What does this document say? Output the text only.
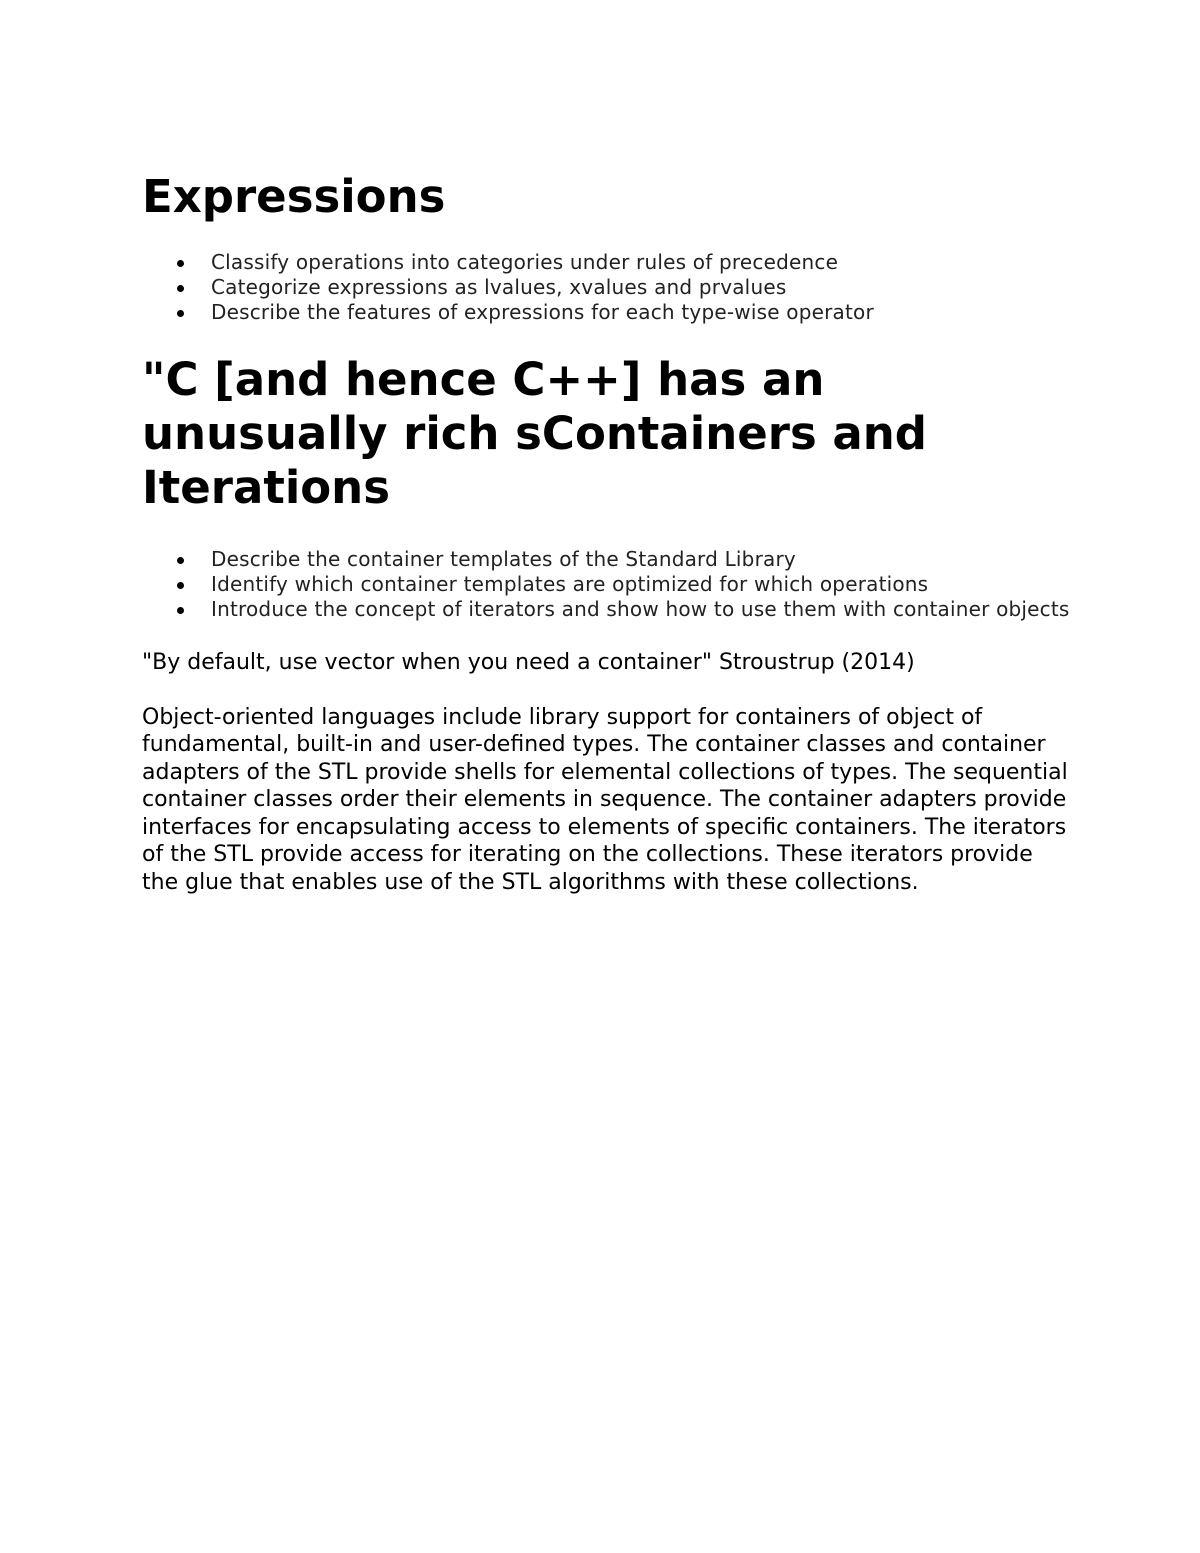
Expressions
Classify operations into categories under rules of precedence
Categorize expressions as lvalues, xvalues and prvalues
Describe the features of expressions for each type-wise operator
"C [and hence C++] has an unusually rich sContainers and Iterations
Describe the container templates of the Standard Library
Identify which container templates are optimized for which operations
Introduce the concept of iterators and show how to use them with container objects

"By default, use vector when you need a container" Stroustrup (2014)

Object-oriented languages include library support for containers of object of fundamental, built-in and user-defined types. The container classes and container adapters of the STL provide shells for elemental collections of types. The sequential container classes order their elements in sequence. The container adapters provide interfaces for encapsulating access to elements of specific containers. The iterators of the STL provide access for iterating on the collections. These iterators provide the glue that enables use of the STL algorithms with these collections.
